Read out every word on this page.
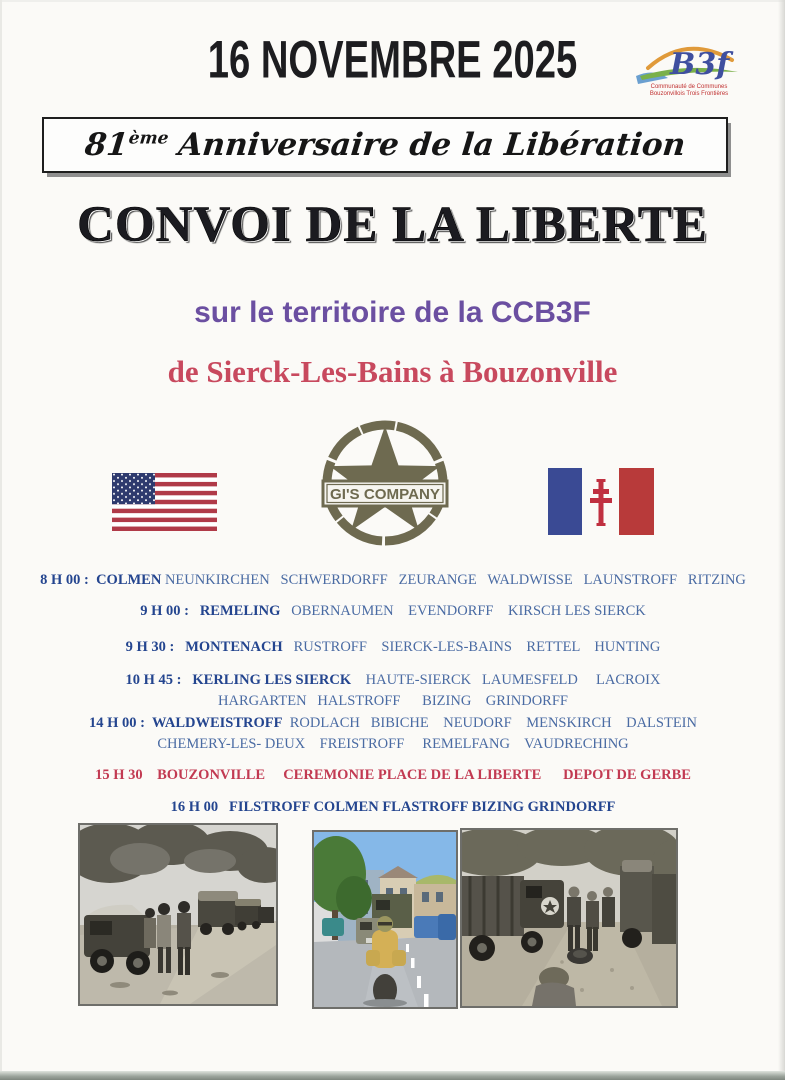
16 NOVEMBRE 2025	B3f
Communauté de Communes
Bouzonvillois Trois Frontières
81ème Anniversaire de la Libération
CONVOI DE LA LIBERTE
sur le territoire de la CCB3F
de Sierck-Les-Bains à Bouzonville
GI'S COMPANY
8 H 00 :  COLMEN NEUNKIRCHEN   SCHWERDORFF   ZEURANGE   WALDWISSE   LAUNSTROFF   RITZING
9 H 00 :   REMELING   OBERNAUMEN    EVENDORFF    KIRSCH LES SIERCK
9 H 30 :   MONTENACH   RUSTROFF    SIERCK-LES-BAINS    RETTEL    HUNTING
10 H 45 :   KERLING LES SIERCK    HAUTE-SIERCK   LAUMESFELD     LACROIX    HARGARTEN   HALSTROFF      BIZING    GRINDORFF
14 H 00 :  WALDWEISTROFF  RODLACH   BIBICHE    NEUDORF    MENSKIRCH    DALSTEIN   CHEMERY-LES- DEUX    FREISTROFF     REMELFANG    VAUDRECHING
15 H 30    BOUZONVILLE     CEREMONIE PLACE DE LA LIBERTE      DEPOT DE GERBE
16 H 00   FILSTROFF COLMEN FLASTROFF BIZING GRINDORFF
